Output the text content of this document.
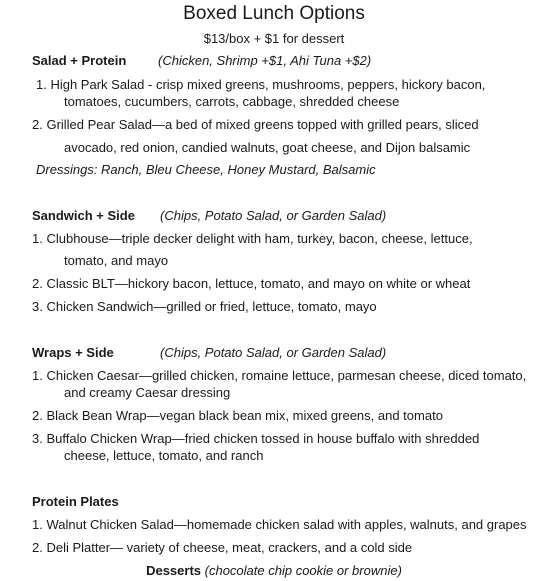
Boxed Lunch Options
$13/box + $1 for dessert
Salad + Protein (Chicken, Shrimp +$1, Ahi Tuna +$2)
1. High Park Salad - crisp mixed greens, mushrooms, peppers, hickory bacon,
tomatoes, cucumbers, carrots, cabbage, shredded cheese
2. Grilled Pear Salad—a bed of mixed greens topped with grilled pears, sliced
avocado, red onion, candied walnuts, goat cheese, and Dijon balsamic
Dressings: Ranch, Bleu Cheese, Honey Mustard, Balsamic
Sandwich + Side (Chips, Potato Salad, or Garden Salad)
1. Clubhouse—triple decker delight with ham, turkey, bacon, cheese, lettuce,
tomato, and mayo
2. Classic BLT—hickory bacon, lettuce, tomato, and mayo on white or wheat
3. Chicken Sandwich—grilled or fried, lettuce, tomato, mayo
Wraps + Side	(Chips, Potato Salad, or Garden Salad)
1. Chicken Caesar—grilled chicken, romaine lettuce, parmesan cheese, diced tomato,
and creamy Caesar dressing
2. Black Bean Wrap—vegan black bean mix, mixed greens, and tomato
3. Buffalo Chicken Wrap—fried chicken tossed in house buffalo with shredded
cheese, lettuce, tomato, and ranch
Protein Plates
1. Walnut Chicken Salad—homemade chicken salad with apples, walnuts, and grapes
2. Deli Platter— variety of cheese, meat, crackers, and a cold side
Desserts (chocolate chip cookie or brownie)
